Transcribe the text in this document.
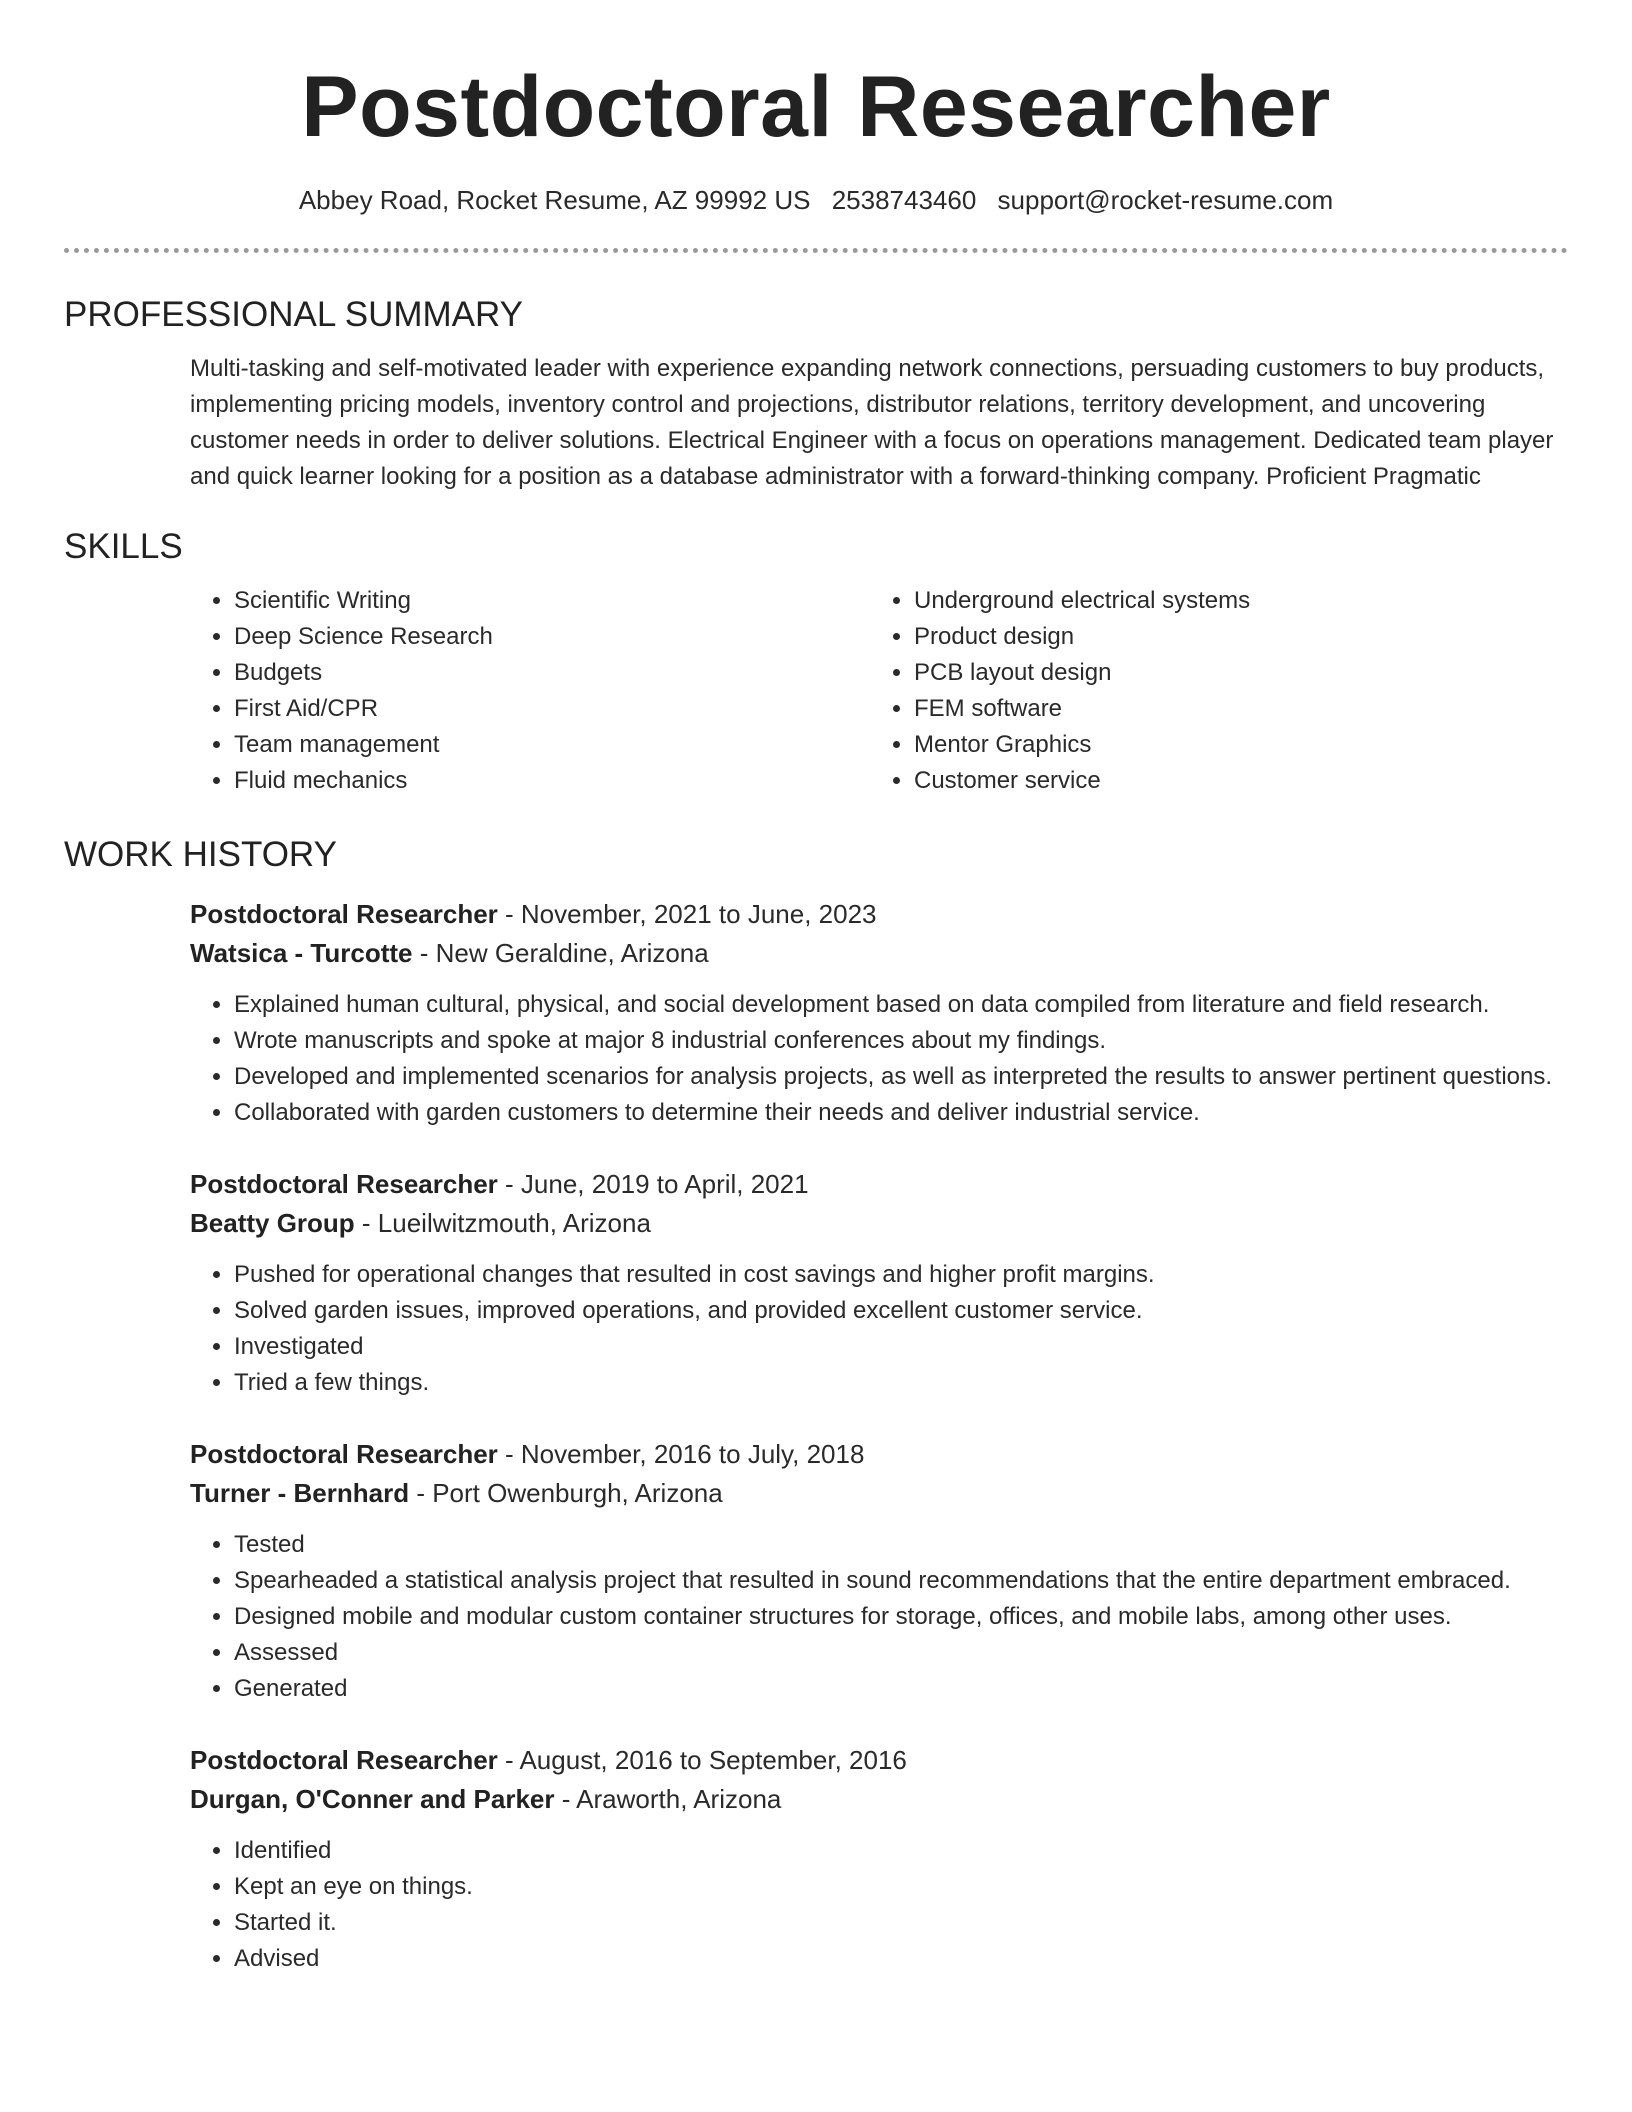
Postdoctoral Researcher
Abbey Road, Rocket Resume, AZ 99992 US 2538743460 support@rocket-resume.com
PROFESSIONAL SUMMARY
Multi-tasking and self-motivated leader with experience expanding network connections, persuading customers to buy products, implementing pricing models, inventory control and projections, distributor relations, territory development, and uncovering customer needs in order to deliver solutions. Electrical Engineer with a focus on operations management. Dedicated team player and quick learner looking for a position as a database administrator with a forward-thinking company. Proficient Pragmatic
SKILLS
• Scientific Writing
• Deep Science Research
• Budgets
• First Aid/CPR
• Team management
• Fluid mechanics
• Underground electrical systems
• Product design
• PCB layout design
• FEM software
• Mentor Graphics
• Customer service
WORK HISTORY
Postdoctoral Researcher - November, 2021 to June, 2023
Watsica - Turcotte - New Geraldine, Arizona
• Explained human cultural, physical, and social development based on data compiled from literature and field research.
• Wrote manuscripts and spoke at major 8 industrial conferences about my findings.
• Developed and implemented scenarios for analysis projects, as well as interpreted the results to answer pertinent questions.
• Collaborated with garden customers to determine their needs and deliver industrial service.
Postdoctoral Researcher - June, 2019 to April, 2021
Beatty Group - Lueilwitzmouth, Arizona
• Pushed for operational changes that resulted in cost savings and higher profit margins.
• Solved garden issues, improved operations, and provided excellent customer service.
• Investigated
• Tried a few things.
Postdoctoral Researcher - November, 2016 to July, 2018
Turner - Bernhard - Port Owenburgh, Arizona
• Tested
• Spearheaded a statistical analysis project that resulted in sound recommendations that the entire department embraced.
• Designed mobile and modular custom container structures for storage, offices, and mobile labs, among other uses.
• Assessed
• Generated
Postdoctoral Researcher - August, 2016 to September, 2016
Durgan, O'Conner and Parker - Araworth, Arizona
• Identified
• Kept an eye on things.
• Started it.
• Advised
